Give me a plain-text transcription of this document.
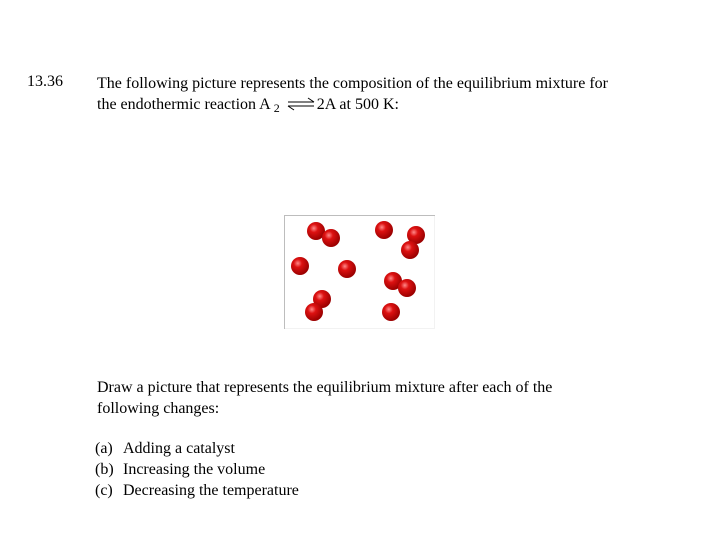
13.36 The following picture represents the composition of the equilibrium mixture for
the endothermic reaction A $_2$ ⇌2A at 500 K:
Draw a picture that represents the equilibrium mixture after each of the
following changes:
(a) Adding a catalyst
(b) Increasing the volume
(c) Decreasing the temperature
